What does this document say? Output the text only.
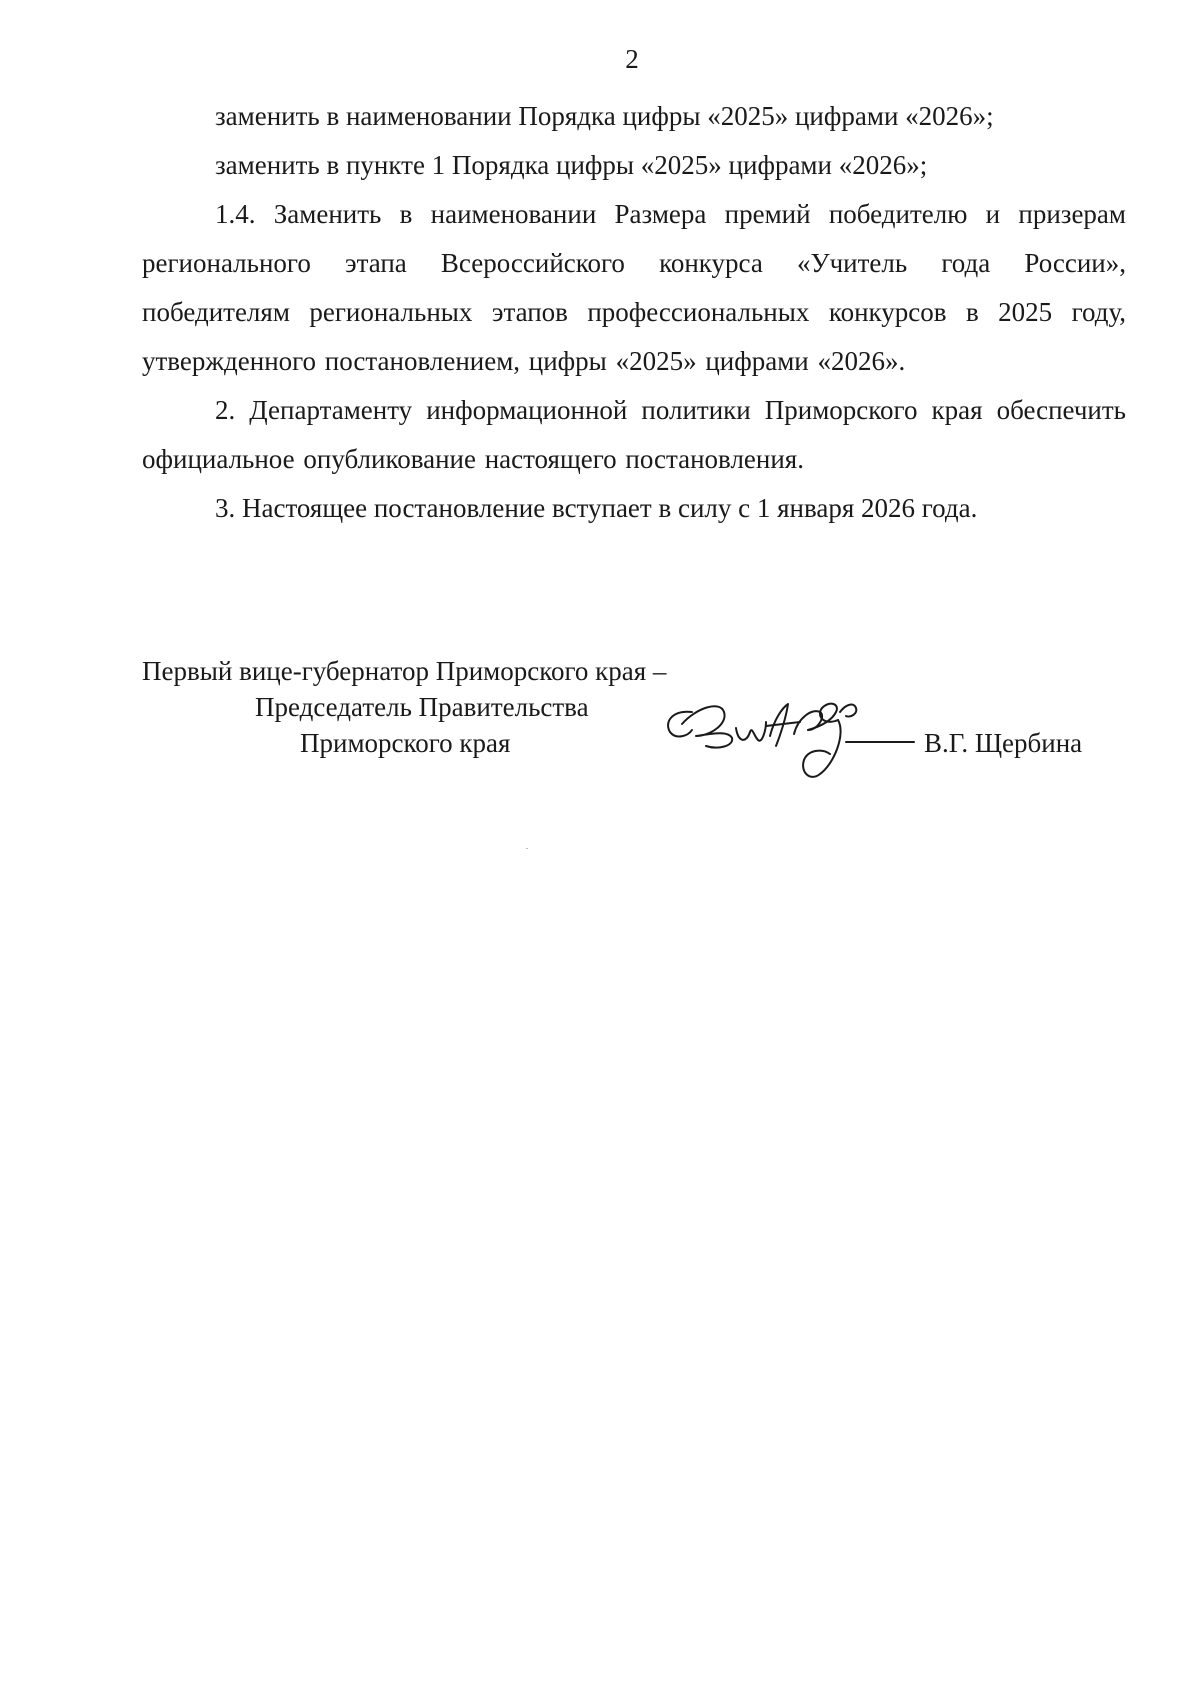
2

заменить в наименовании Порядка цифры «2025» цифрами «2026»;

заменить в пункте 1 Порядка цифры «2025» цифрами «2026»;

1.4. Заменить в наименовании Размера премий победителю и призерам регионального этапа Всероссийского конкурса «Учитель года России», победителям региональных этапов профессиональных конкурсов в 2025 году, утвержденного постановлением, цифры «2025» цифрами «2026».

2. Департаменту информационной политики Приморского края обеспечить официальное опубликование настоящего постановления.

3. Настоящее постановление вступает в силу с 1 января 2026 года.

Первый вице-губернатор Приморского края –
Председатель Правительства
Приморского края	В.Г. Щербина
